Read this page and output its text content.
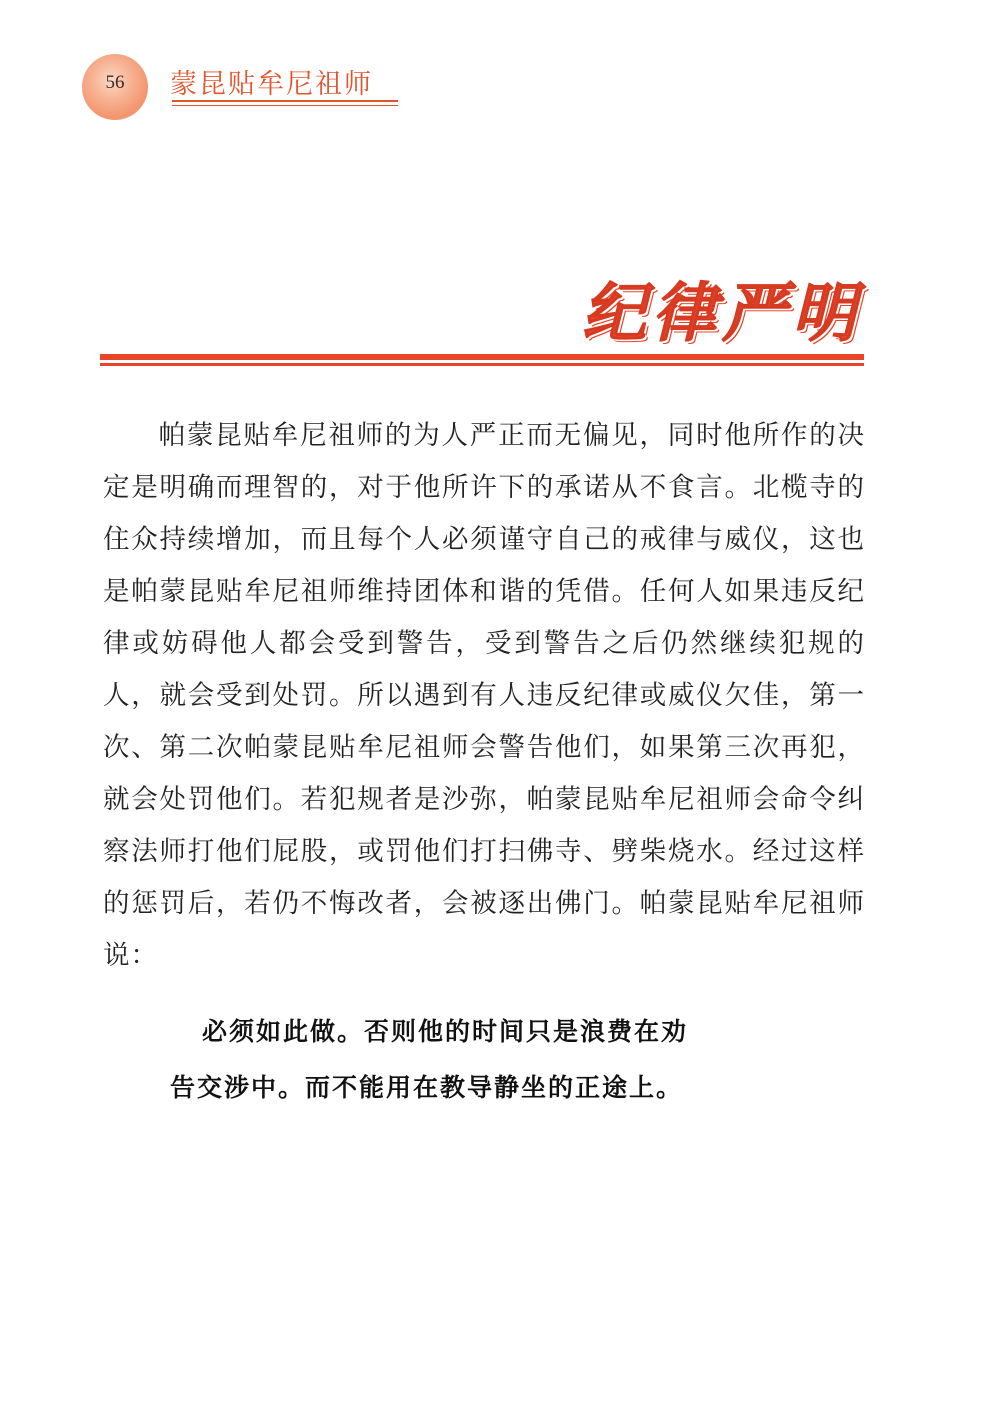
56	蒙昆贴牟尼祖师
纪律严明

帕蒙昆贴牟尼祖师的为人严正而无偏见，同时他所作的决定是明确而理智的，对于他所许下的承诺从不食言。北榄寺的住众持续增加，而且每个人必须谨守自己的戒律与威仪，这也是帕蒙昆贴牟尼祖师维持团体和谐的凭借。任何人如果违反纪律或妨碍他人都会受到警告，受到警告之后仍然继续犯规的人，就会受到处罚。所以遇到有人违反纪律或威仪欠佳，第一次、第二次帕蒙昆贴牟尼祖师会警告他们，如果第三次再犯，就会处罚他们。若犯规者是沙弥，帕蒙昆贴牟尼祖师会命令纠察法师打他们屁股，或罚他们打扫佛寺、劈柴烧水。经过这样的惩罚后，若仍不悔改者，会被逐出佛门。帕蒙昆贴牟尼祖师说：

必须如此做。否则他的时间只是浪费在劝
告交涉中。而不能用在教导静坐的正途上。
